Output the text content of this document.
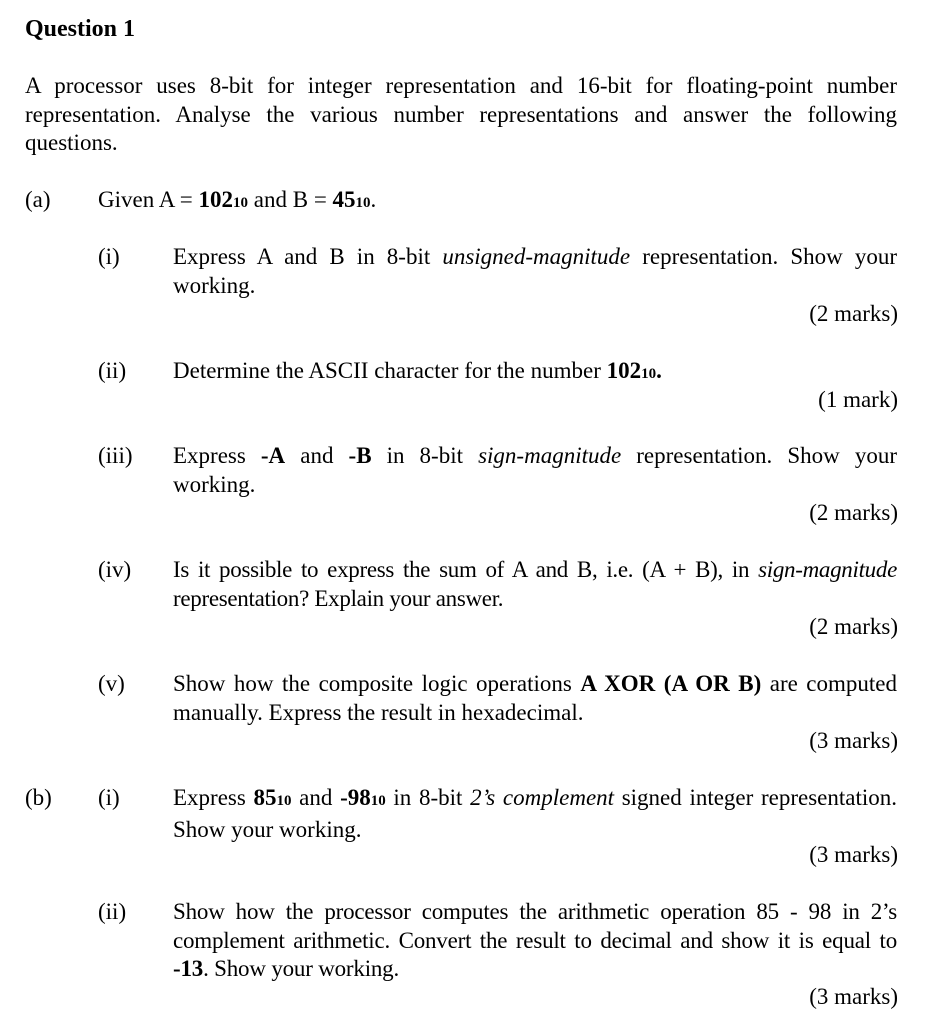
Question 1
A processor uses 8-bit for integer representation and 16-bit for floating-point number representation. Analyse the various number representations and answer the following questions.
(a) Given A = 10210 and B = 4510.
(i) Express A and B in 8-bit unsigned-magnitude representation. Show your working.
(2 marks)
(ii) Determine the ASCII character for the number 10210.
(1 mark)
(iii) Express -A and -B in 8-bit sign-magnitude representation. Show your working.
(2 marks)
(iv) Is it possible to express the sum of A and B, i.e. (A + B), in sign-magnitude representation? Explain your answer.
(2 marks)
(v) Show how the composite logic operations A XOR (A OR B) are computed manually. Express the result in hexadecimal.
(3 marks)
(b) (i) Express 8510 and -9810 in 8-bit 2’s complement signed integer representation. Show your working.
(3 marks)
(ii) Show how the processor computes the arithmetic operation 85 - 98 in 2’s complement arithmetic. Convert the result to decimal and show it is equal to -13. Show your working.
(3 marks)
